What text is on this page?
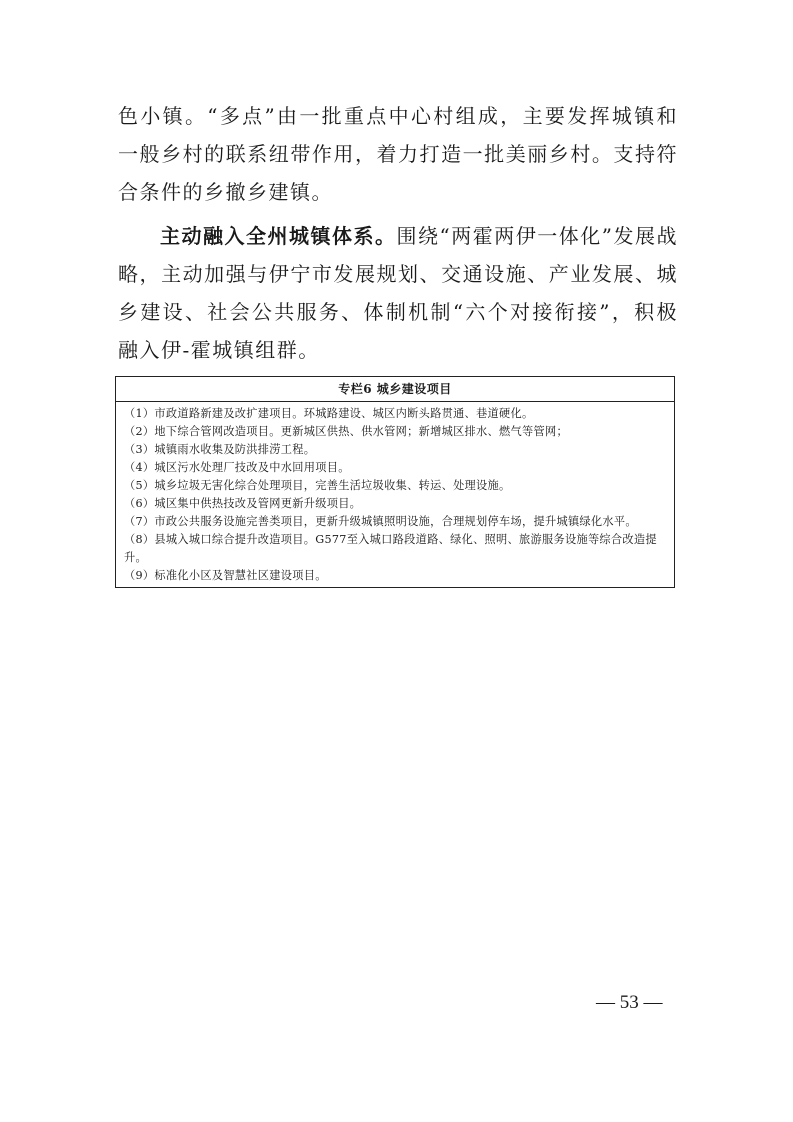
色小镇。“多点”由一批重点中心村组成，主要发挥城镇和一般乡村的联系纽带作用，着力打造一批美丽乡村。支持符合条件的乡撤乡建镇。

主动融入全州城镇体系。围绕“两霍两伊一体化”发展战略，主动加强与伊宁市发展规划、交通设施、产业发展、城乡建设、社会公共服务、体制机制“六个对接衔接”，积极融入伊-霍城镇组群。

专栏6 城乡建设项目
（1）市政道路新建及改扩建项目。环城路建设、城区内断头路贯通、巷道硬化。
（2）地下综合管网改造项目。更新城区供热、供水管网；新增城区排水、燃气等管网；
（3）城镇雨水收集及防洪排涝工程。
（4）城区污水处理厂技改及中水回用项目。
（5）城乡垃圾无害化综合处理项目，完善生活垃圾收集、转运、处理设施。
（6）城区集中供热技改及管网更新升级项目。
（7）市政公共服务设施完善类项目，更新升级城镇照明设施，合理规划停车场，提升城镇绿化水平。
（8）县城入城口综合提升改造项目。G577至入城口路段道路、绿化、照明、旅游服务设施等综合改造提升。
（9）标准化小区及智慧社区建设项目。
— 53 —
